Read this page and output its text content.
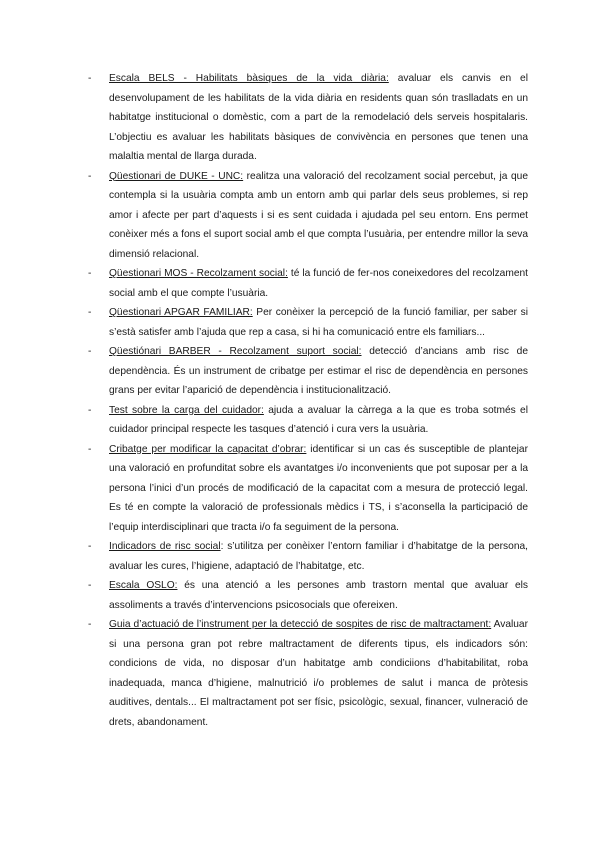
- Escala BELS - Habilitats bàsiques de la vida diària: avaluar els canvis en el desenvolupament de les habilitats de la vida diària en residents quan són traslladats en un habitatge institucional o domèstic, com a part de la remodelació dels serveis hospitalaris. L’objectiu es avaluar les habilitats bàsiques de convivència en persones que tenen una malaltia mental de llarga durada.
- Qüestionari de DUKE - UNC: realitza una valoració del recolzament social percebut, ja que contempla si la usuària compta amb un entorn amb qui parlar dels seus problemes, si rep amor i afecte per part d’aquests i si es sent cuidada i ajudada pel seu entorn. Ens permet conèixer més a fons el suport social amb el que compta l’usuària, per entendre millor la seva dimensió relacional.
- Qüestionari MOS - Recolzament social: té la funció de fer-nos coneixedores del recolzament social amb el que compte l’usuària.
- Qüestionari APGAR FAMILIAR: Per conèixer la percepció de la funció familiar, per saber si s’està satisfer amb l’ajuda que rep a casa, si hi ha comunicació entre els familiars...
- Qüestiónari BARBER - Recolzament suport social: detecció d’ancians amb risc de dependència. És un instrument de cribatge per estimar el risc de dependència en persones grans per evitar l’aparició de dependència i institucionalització.
- Test sobre la carga del cuidador: ajuda a avaluar la càrrega a la que es troba sotmés el cuidador principal respecte les tasques d’atenció i cura vers la usuària.
- Cribatge per modificar la capacitat d’obrar: identificar si un cas és susceptible de plantejar una valoració en profunditat sobre els avantatges i/o inconvenients que pot suposar per a la persona l’inici d’un procés de modificació de la capacitat com a mesura de protecció legal. Es té en compte la valoració de professionals mèdics i TS, i s’aconsella la participació de l’equip interdisciplinari que tracta i/o fa seguiment de la persona.
- Indicadors de risc social: s’utilitza per conèixer l’entorn familiar i d’habitatge de la persona, avaluar les cures, l’higiene, adaptació de l’habitatge, etc.
- Escala OSLO: és una atenció a les persones amb trastorn mental que avaluar els assoliments a través d’intervencions psicosocials que ofereixen.
- Guia d’actuació de l’instrument per la detecció de sospites de risc de maltractament: Avaluar si una persona gran pot rebre maltractament de diferents tipus, els indicadors són: condicions de vida, no disposar d’un habitatge amb condiciions d’habitabilitat, roba inadequada, manca d’higiene, malnutrició i/o problemes de salut i manca de pròtesis auditives, dentals... El maltractament pot ser físic, psicològic, sexual, financer, vulneració de drets, abandonament.
